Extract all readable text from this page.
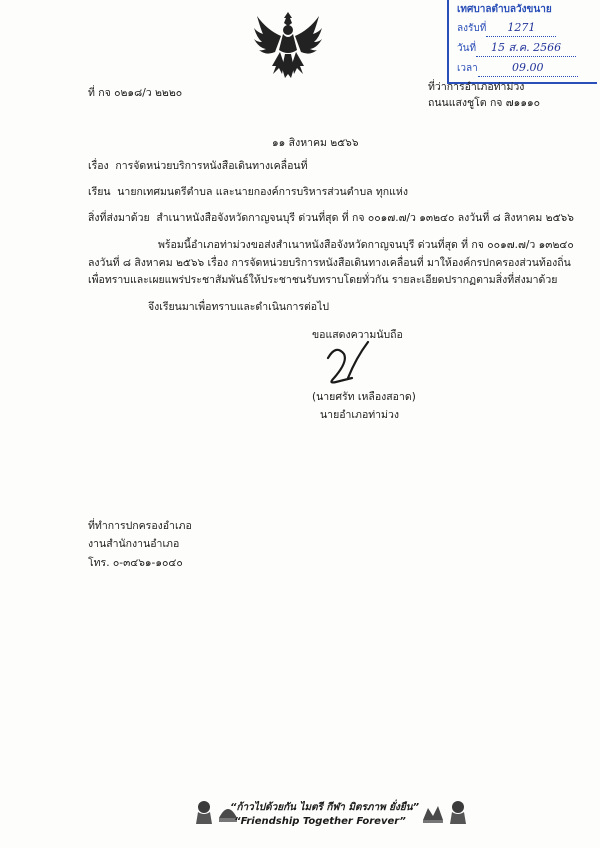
เทศบาลตำบลวังขนาย
ลงรับที่ 1271
วันที่ 15 ส.ค. 2566
เวลา	09.00
ที่ กจ ๐๒๑๘/ว ๒๒๒๐	ที่ว่าการอำเภอท่าม่วง
ถนนแสงชูโต กจ ๗๑๑๑๐
๑๑ สิงหาคม ๒๕๖๖
เรื่อง การจัดหน่วยบริการหนังสือเดินทางเคลื่อนที่
เรียน นายกเทศมนตรีตำบล และนายกองค์การบริหารส่วนตำบล ทุกแห่ง
สิ่งที่ส่งมาด้วย สำเนาหนังสือจังหวัดกาญจนบุรี ด่วนที่สุด ที่ กจ ๐๐๑๗.๗/ว ๑๓๒๔๐ ลงวันที่ ๘ สิงหาคม ๒๕๖๖
พร้อมนี้อำเภอท่าม่วงขอส่งสำเนาหนังสือจังหวัดกาญจนบุรี ด่วนที่สุด ที่ กจ ๐๐๑๗.๗/ว ๑๓๒๔๐
ลงวันที่ ๘ สิงหาคม ๒๕๖๖ เรื่อง การจัดหน่วยบริการหนังสือเดินทางเคลื่อนที่ มาให้องค์กรปกครองส่วนท้องถิ่น
เพื่อทราบและเผยแพร่ประชาสัมพันธ์ให้ประชาชนรับทราบโดยทั่วกัน รายละเอียดปรากฏตามสิ่งที่ส่งมาด้วย
จึงเรียนมาเพื่อทราบและดำเนินการต่อไป
ขอแสดงความนับถือ
(นายศรัท เหลืองสอาด)
นายอำเภอท่าม่วง
ที่ทำการปกครองอำเภอ
งานสำนักงานอำเภอ
โทร. ๐-๓๔๖๑-๑๐๔๐
“ก้าวไปด้วยกัน ไมตรี กีฬา มิตรภาพ ยั่งยืน”
“Friendship Together Forever”
